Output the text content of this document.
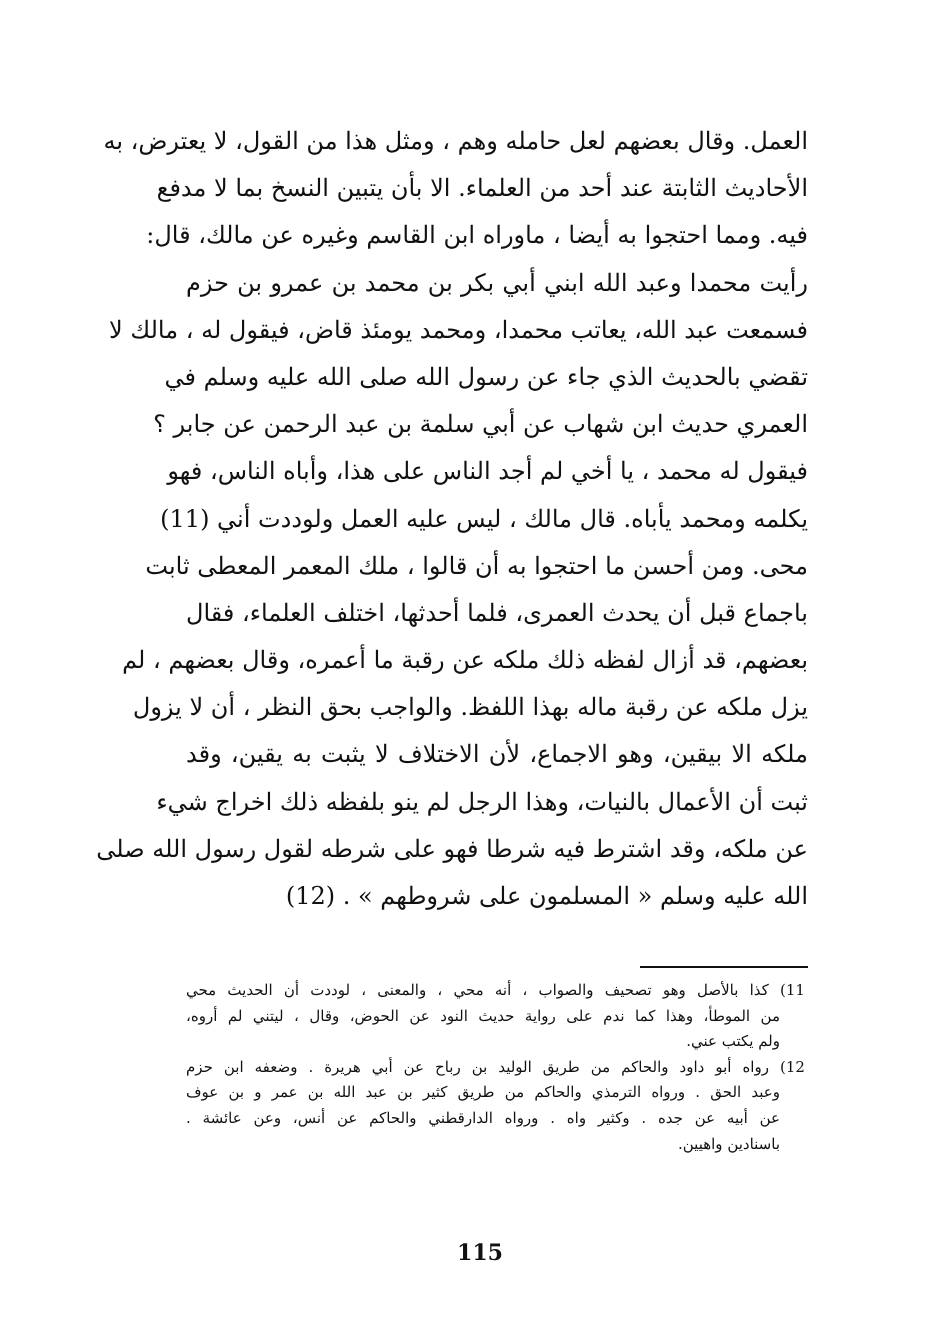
العمل. وقال بعضهم لعل حامله وهم ، ومثل هذا من القول، لا يعترض، به
الأحاديث الثابتة عند أحد من العلماء. الا بأن يتبين النسخ بما لا مدفع
فيه. ومما احتجوا به أيضا ، ماوراه ابن القاسم وغيره عن مالك، قال:
رأيت محمدا وعبد الله ابني أبي بكر بن محمد بن عمرو بن حزم
فسمعت عبد الله، يعاتب محمدا، ومحمد يومئذ قاض، فيقول له ، مالك لا
تقضي بالحديث الذي جاء عن رسول الله صلى الله عليه وسلم في
العمري حديث ابن شهاب عن أبي سلمة بن عبد الرحمن عن جابر ؟
فيقول له محمد ، يا أخي لم أجد الناس على هذا، وأباه الناس، فهو
يكلمه ومحمد يأباه. قال مالك ، ليس عليه العمل ولوددت أني (11)
محى. ومن أحسن ما احتجوا به أن قالوا ، ملك المعمر المعطى ثابت
باجماع قبل أن يحدث العمرى، فلما أحدثها، اختلف العلماء، فقال
بعضهم، قد أزال لفظه ذلك ملكه عن رقبة ما أعمره، وقال بعضهم ، لم
يزل ملكه عن رقبة ماله بهذا اللفظ. والواجب بحق النظر ، أن لا يزول
ملكه الا بيقين، وهو الاجماع، لأن الاختلاف لا يثبت به يقين، وقد
ثبت أن الأعمال بالنيات، وهذا الرجل لم ينو بلفظه ذلك اخراج شيء
عن ملكه، وقد اشترط فيه شرطا فهو على شرطه لقول رسول الله صلى
الله عليه وسلم « المسلمون على شروطهم » . (12)
(11 كذا بالأصل وهو تصحيف والصواب ، أنه محي ، والمعنى ، لوددت أن الحديث محي
من الموطأ، وهذا كما ندم على رواية حديث النود عن الحوض، وقال ، ليتني لم أروه،
ولم يكتب عني.
(12 رواه أبو داود والحاكم من طريق الوليد بن رباح عن أبي هريرة . وضعفه ابن حزم
وعبد الحق . ورواه الترمذي والحاكم من طريق كثير بن عبد الله بن عمر و بن عوف
عن أبيه عن جده . وكثير واه . ورواه الدارقطني والحاكم عن أنس، وعن عائشة .
باسنادين واهيين.
115
